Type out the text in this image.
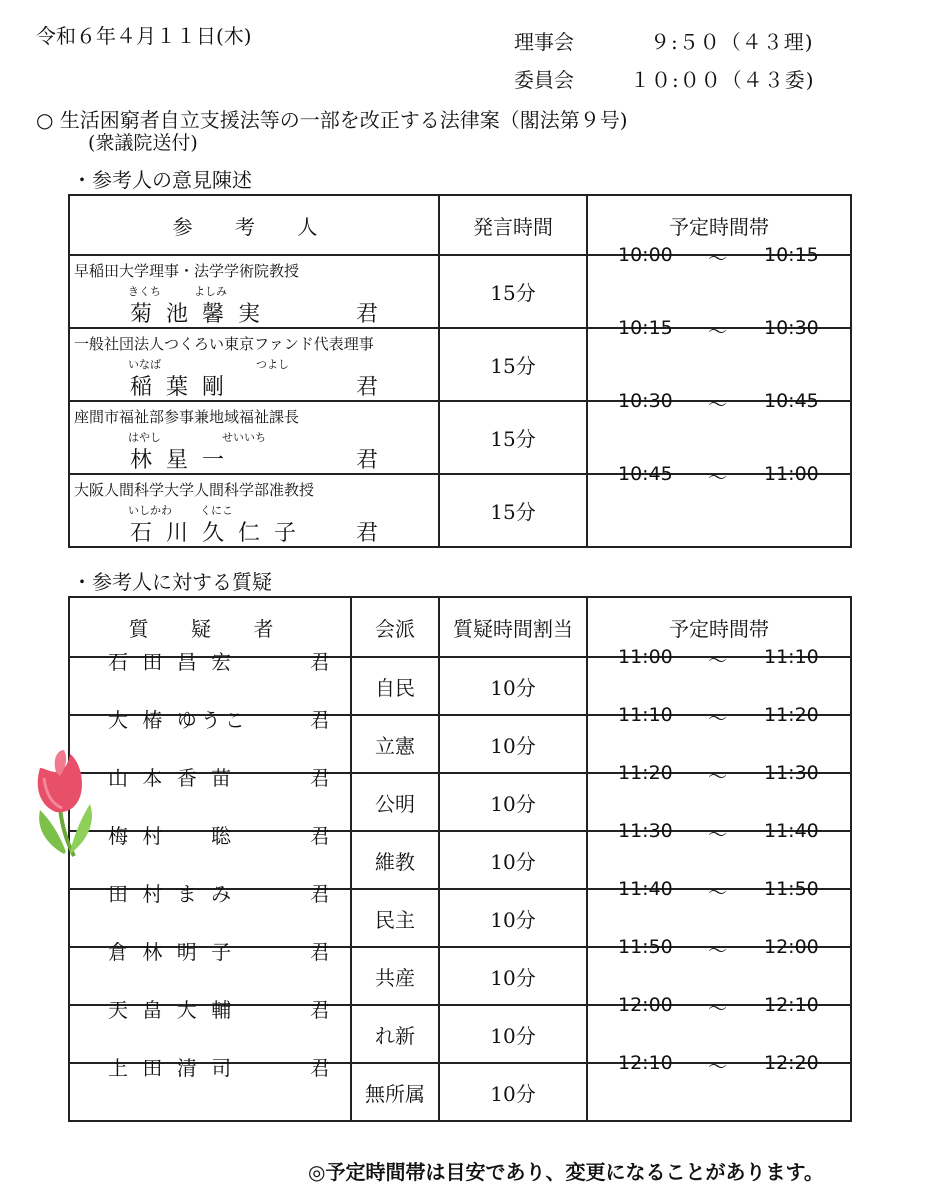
令和６年４月１１日(木)	理事会	９:５０（４３理)
委員会	１０:００（４３委)
○ 生活困窮者自立支援法等の一部を改正する法律案（閣法第９号)
(衆議院送付)
・参考人の意見陳述
参 考 人	発言時間	予定時間帯

早稲田大学理事・法学学術院教授
きくち よしみ
菊池馨実 君	15分	10:00 〜 10:15

一般社団法人つくろい東京ファンド代表理事
いなば つよし
稲葉剛 君	15分	10:15 〜 10:30

座間市福祉部参事兼地域福祉課長
はやし せいいち
林星一 君	15分	10:30 〜 10:45

大阪人間科学大学人間科学部准教授
いしかわ くにこ
石川久仁子 君	15分	10:45 〜 11:00
・参考人に対する質疑
質 疑 者	会派	質疑時間割当	予定時間帯

石 田 昌 宏 君	自民	10分	11:00 〜 11:10

大 椿 ゆうこ 君	立憲	10分	11:10 〜 11:20

山 本 香 苗 君	公明	10分	11:20 〜 11:30

梅 村 　 聡 君	維教	10分	11:30 〜 11:40

田 村 ま み 君	民主	10分	11:40 〜 11:50

倉 林 明 子 君	共産	10分	11:50 〜 12:00

天 畠 大 輔 君	れ新	10分	12:00 〜 12:10

上 田 清 司 君	無所属	10分	12:10 〜 12:20
◎予定時間帯は目安であり、変更になることがあります。
